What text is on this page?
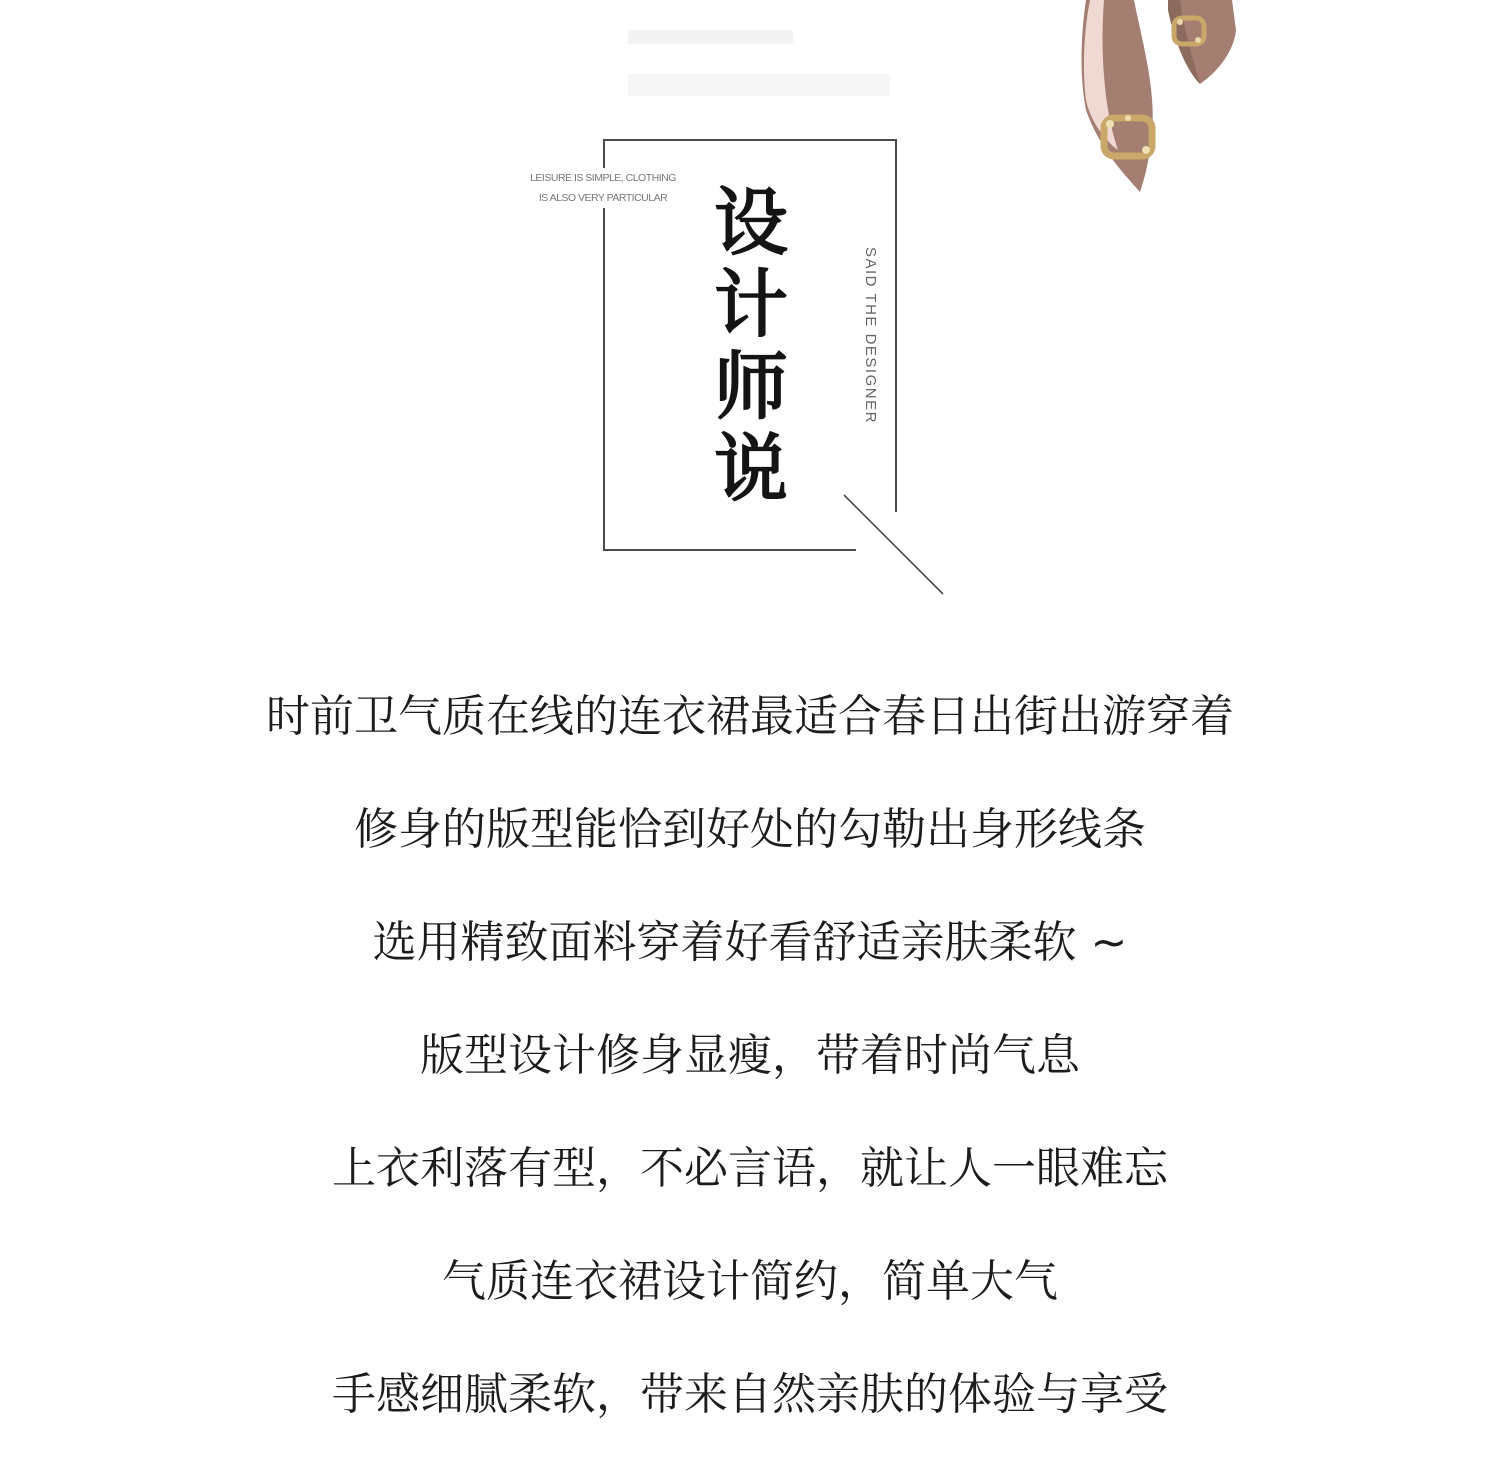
LEISURE IS SIMPLE, CLOTHING
IS ALSO VERY PARTICULAR 设
计
师
说
SAID THE DESIGNER
时前卫气质在线的连衣裙最适合春日出街出游穿着
修身的版型能恰到好处的勾勒出身形线条
选用精致面料穿着好看舒适亲肤柔软 ~
版型设计修身显瘦，带着时尚气息
上衣利落有型，不必言语，就让人一眼难忘
气质连衣裙设计简约，简单大气
手感细腻柔软，带来自然亲肤的体验与享受
